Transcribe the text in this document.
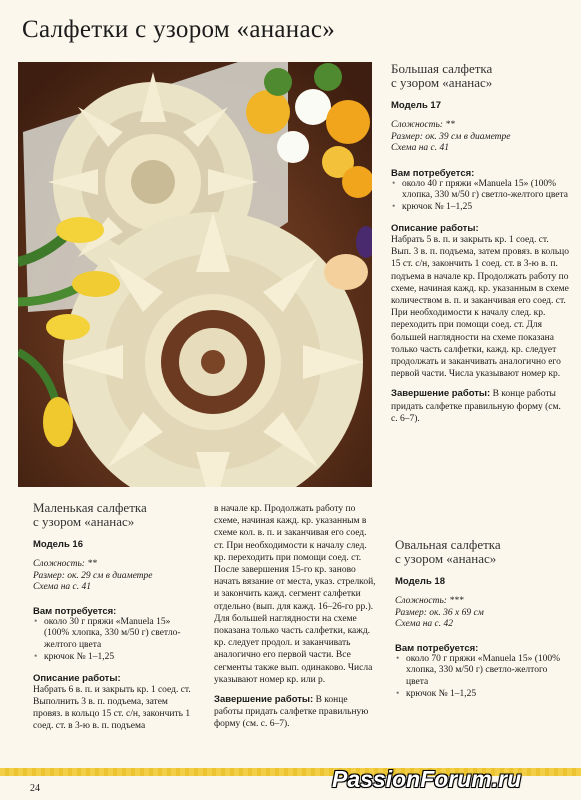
Салфетки с узором «ананас»
Большая салфетка
с узором «ананас»
Модель 17
Сложность: **
Размер: ок. 39 см в диаметре
Схема на с. 41
Вам потребуется:
• около 40 г пряжи «Manuela 15» (100% хлопка, 330 м/50 г) светло-желтого цвета
• крючок № 1–1,25
Описание работы:
Набрать 5 в. п. и закрыть кр. 1 соед. ст. Вып. 3 в. п. подъема, затем провяз. в кольцо 15 ст. с/н, закончить 1 соед. ст. в 3-ю в. п. подъема в начале кр. Продолжать работу по схеме, начиная кажд. кр. указанным в схеме количеством в. п. и заканчивая его соед. ст. При необходимости к началу след. кр. переходить при помощи соед. ст. Для большей наглядности на схеме показана только часть салфетки, кажд. кр. следует продолжать и заканчивать аналогично его первой части. Числа указывают номер кр.
Завершение работы: В конце работы придать салфетке правильную форму (см. с. 6–7).
Маленькая салфетка
с узором «ананас»
Модель 16
Сложность: **
Размер: ок. 29 см в диаметре
Схема на с. 41
Вам потребуется:
• около 30 г пряжи «Manuela 15» (100% хлопка, 330 м/50 г) светло-желтого цвета
• крючок № 1–1,25
Описание работы:
Набрать 6 в. п. и закрыть кр. 1 соед. ст. Выполнить 3 в. п. подъема, затем провяз. в кольцо 15 ст. с/н, закончить 1 соед. ст. в 3-ю в. п. подъема
в начале кр. Продолжать работу по схеме, начиная кажд. кр. указанным в схеме кол. в. п. и заканчивая его соед. ст. При необходимости к началу след. кр. переходить при помощи соед. ст. После завершения 15-го кр. заново начать вязание от места, указ. стрелкой, и закончить кажд. сегмент салфетки отдельно (вып. для кажд. 16–26-го рр.). Для большей наглядности на схеме показана только часть салфетки, кажд. кр. следует продол. и заканчивать аналогично его первой части. Все сегменты также вып. одинаково. Числа указывают номер кр. или р.
Завершение работы: В конце работы придать салфетке правильную форму (см. с. 6–7).
Овальная салфетка
с узором «ананас»
Модель 18
Сложность: ***
Размер: ок. 36 х 69 см
Схема на с. 42
Вам потребуется:
• около 70 г пряжи «Manuela 15» (100% хлопка, 330 м/50 г) светло-желтого цвета
• крючок № 1–1,25
24	PassionForum.ru
